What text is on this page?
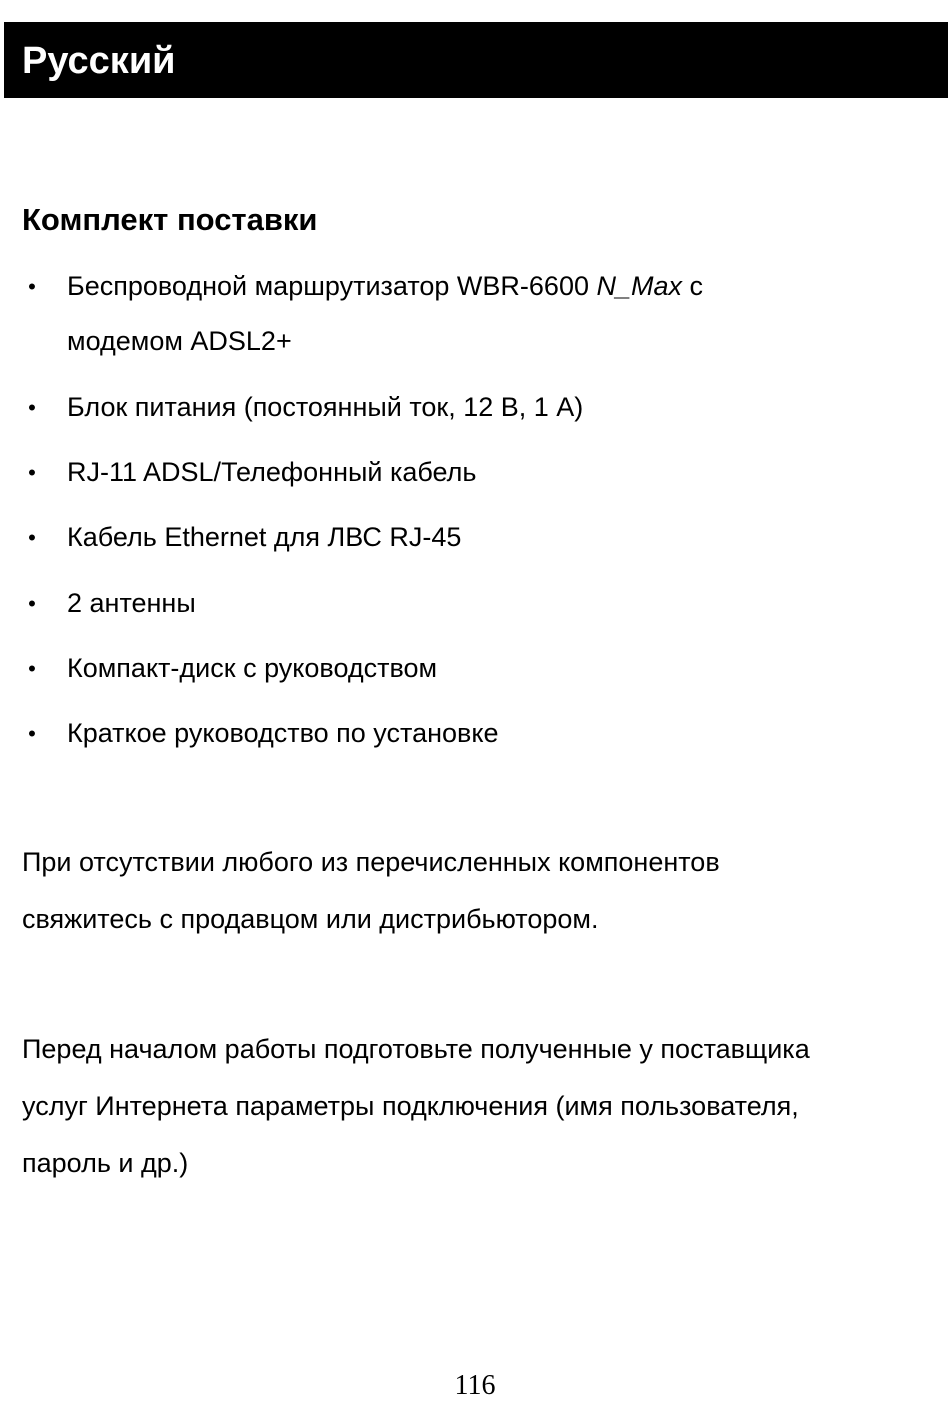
Русский
Комплект поставки
• Беспроводной маршрутизатор WBR-6600 N_Max с
модемом ADSL2+
• Блок питания (постоянный ток, 12 В, 1 А)
• RJ-11 ADSL/Телефонный кабель
• Кабель Ethernet для ЛВС RJ-45
• 2 антенны
• Компакт-диск с руководством
• Краткое руководство по установке

При отсутствии любого из перечисленных компонентов
свяжитесь с продавцом или дистрибьютором.

Перед началом работы подготовьте полученные у поставщика
услуг Интернета параметры подключения (имя пользователя,
пароль и др.)

116
